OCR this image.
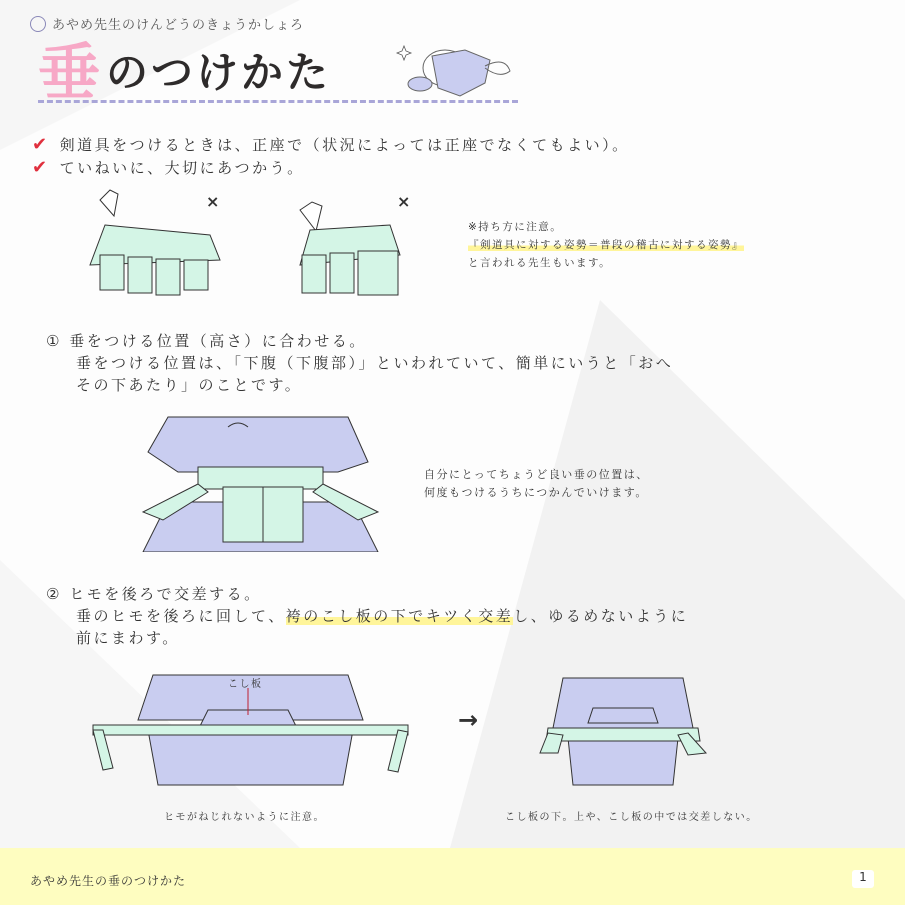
あやめ先生のけんどうのきょうかしょろ
垂 のつけかた
✔ 剣道具をつけるときは、正座で（状況によっては正座でなくてもよい）。
✔ ていねいに、大切にあつかう。
×	×
※持ち方に注意。
『剣道具に対する姿勢＝普段の稽古に対する姿勢』
と言われる先生もいます。
① 垂をつける位置（高さ）に合わせる。
垂をつける位置は、「下腹（下腹部）」といわれていて、簡単にいうと「おへ
その下あたり」のことです。
自分にとってちょうど良い垂の位置は、
何度もつけるうちにつかんでいけます。
② ヒモを後ろで交差する。
垂のヒモを後ろに回して、袴のこし板の下でキツく交差し、ゆるめないように
前にまわす。
こし板
→
ヒモがねじれないように注意。	こし板の下。上や、こし板の中では交差しない。
あやめ先生の垂のつけかた	1
